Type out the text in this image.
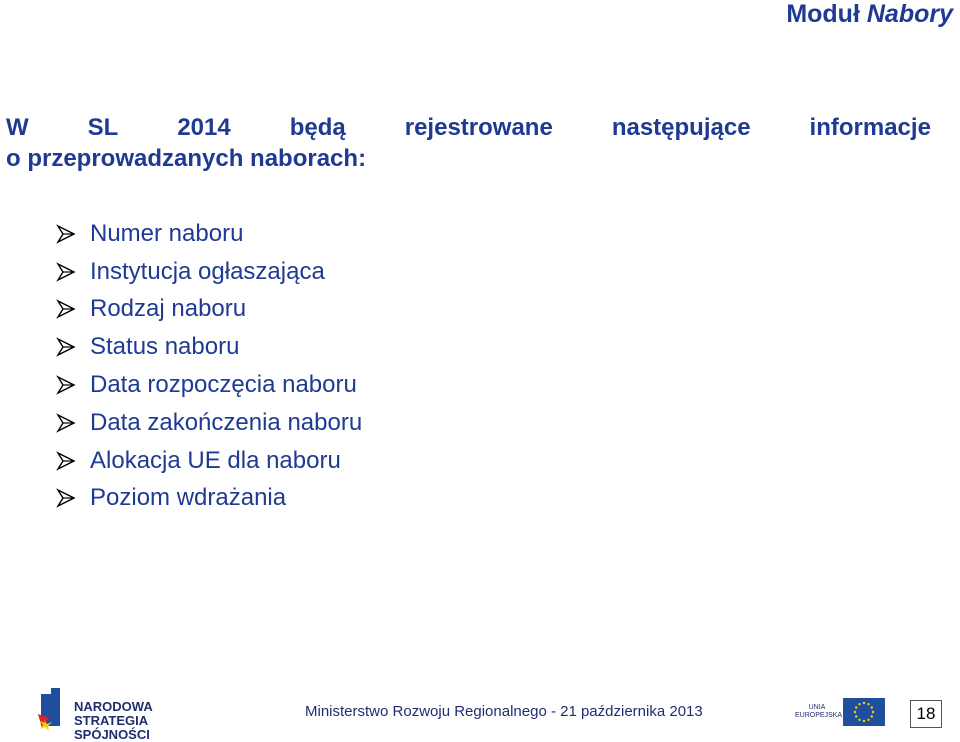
Moduł Nabory
W SL 2014 będą rejestrowane następujące informacje
o przeprowadzanych naborach:
Numer naboru
Instytucja ogłaszająca
Rodzaj naboru
Status naboru
Data rozpoczęcia naboru
Data zakończenia naboru
Alokacja UE dla naboru
Poziom wdrażania
NARODOWA
STRATEGIA SPÓJNOŚCI
Ministerstwo Rozwoju Regionalnego - 21 października 2013	UNIA
EUROPEJSKA	18
